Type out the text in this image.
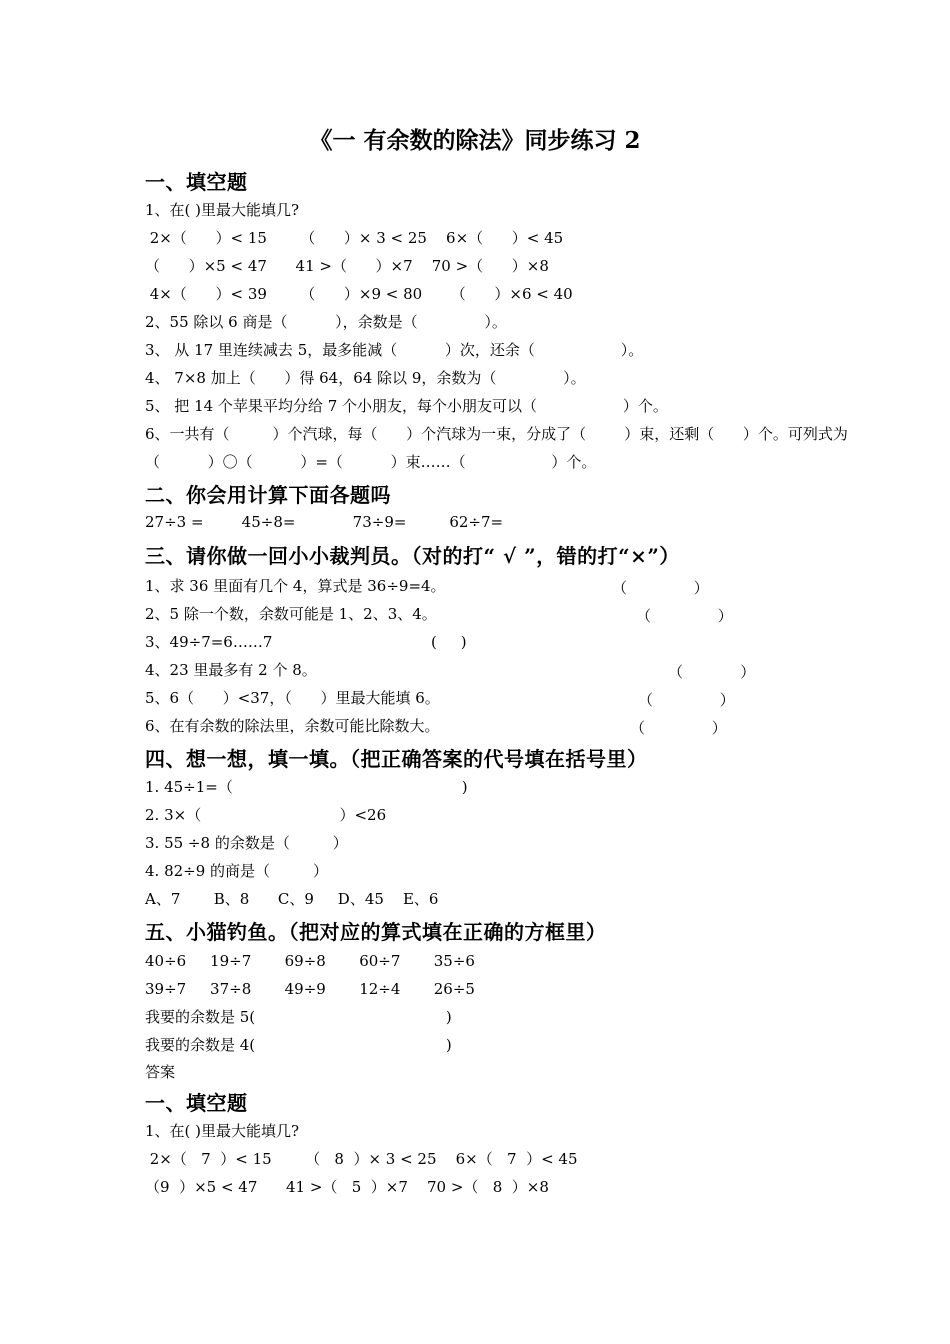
《一 有余数的除法》同步练习 2
一、填空题
1、在( )里最大能填几?
2×（      ）< 15       （      ）× 3 < 25    6×（      ）< 45
（      ）×5 < 47      41 >（      ）×7    70 >（      ）×8
4×（      ）< 39       （      ）×9 < 80      （      ）×6 < 40
2、55 除以 6 商是（          ），余数是（              ）。
3、 从 17 里连续减去 5，最多能减（          ）次，还余（                  ）。
4、 7×8 加上（      ）得 64，64 除以 9，余数为（              ）。
5、 把 14 个苹果平均分给 7 个小朋友，每个小朋友可以（                  ）个。
6、一共有（         ）个汽球，每（      ）个汽球为一束，分成了（        ）束，还剩（      ）个。可列式为
（          ）〇（          ）=（          ）束……（                  ）个。
二、你会用计算下面各题吗
27÷3 =        45÷8=            73÷9=         62÷7=
三、请你做一回小小裁判员。（对的打“ √ ”，错的打“×”）
1、求 36 里面有几个 4，算式是 36÷9=4。	（              ）
2、5 除一个数，余数可能是 1、2、3、4。	（              ）
3、49÷7=6……7	(     )
4、23 里最多有 2 个 8。	（            ）
5、6（      ）<37，（      ）里最大能填 6。	（              ）
6、在有余数的除法里，余数可能比除数大。	（              ）
四、想一想，填一填。（把正确答案的代号填在括号里）
1. 45÷1=（                                                )
2. 3×（                             ）<26
3. 55 ÷8 的余数是（         ）
4. 82÷9 的商是（         ）
A、7       B、8      C、9     D、45    E、6
五、小猫钓鱼。（把对应的算式填在正确的方框里）
40÷6     19÷7       69÷8       60÷7       35÷6
39÷7     37÷8       49÷9       12÷4       26÷5
我要的余数是 5(                                        )
我要的余数是 4(                                        )
答案
一、填空题
1、在( )里最大能填几?
2×（   7  ）< 15       （   8  ）× 3 < 25    6×（   7  ）< 45
（9  ）×5 < 47      41 >（   5  ）×7    70 >（   8  ）×8
